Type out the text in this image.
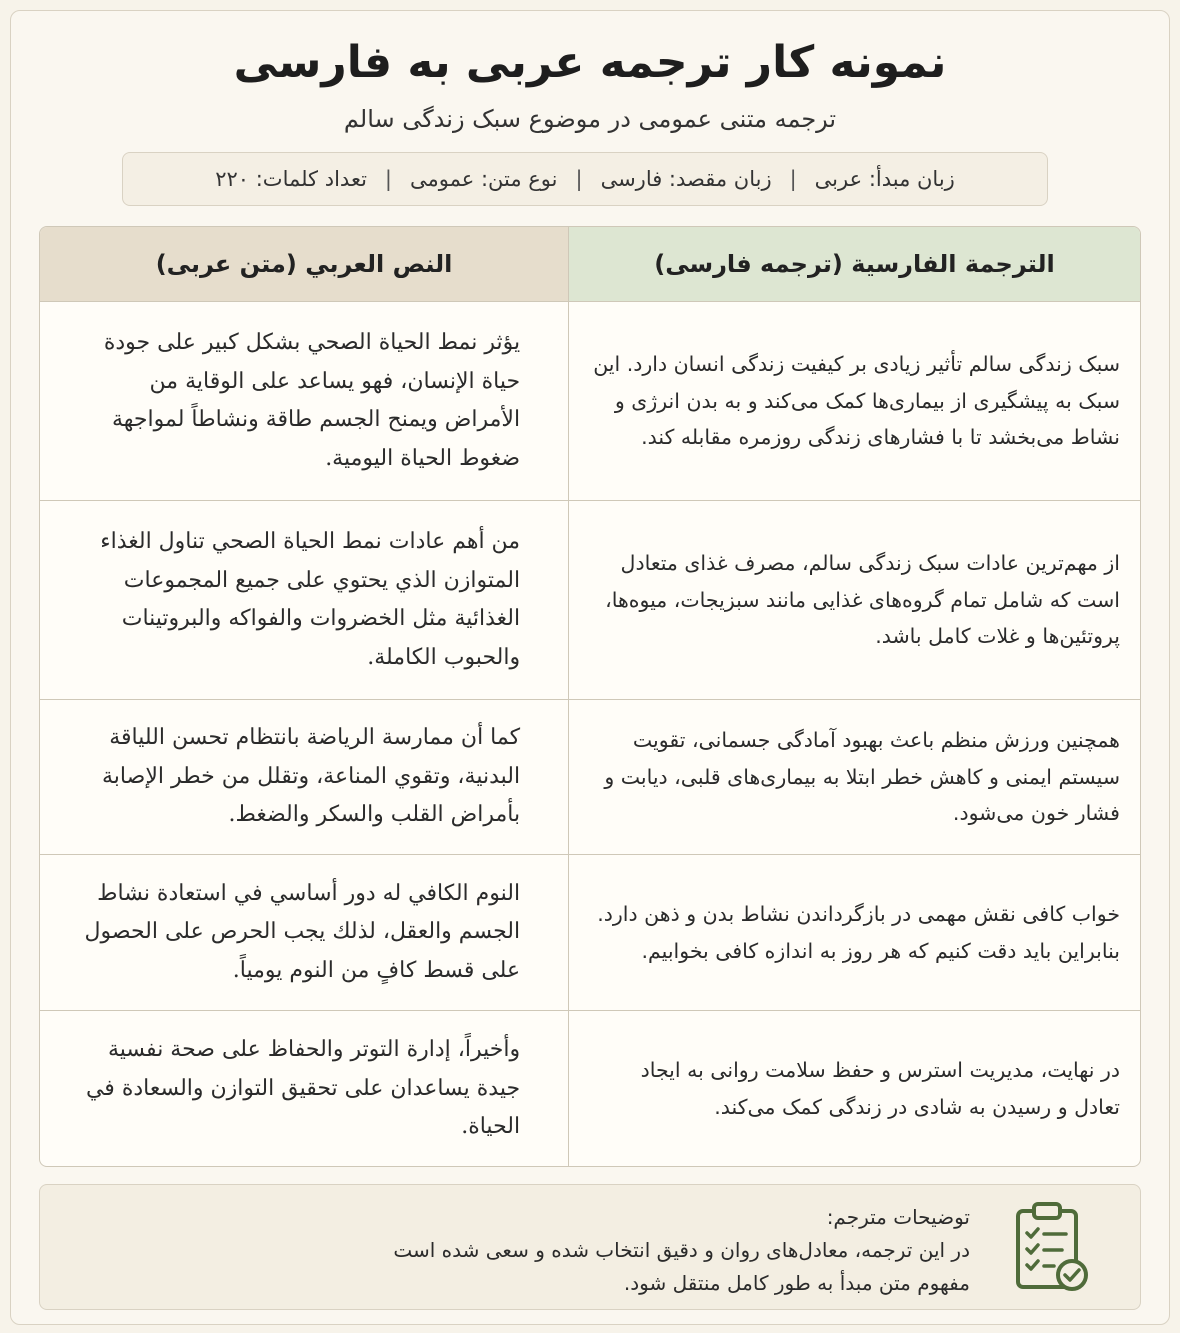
نمونه کار ترجمه عربی به فارسی
ترجمه متنی عمومی در موضوع سبک زندگی سالم
زبان مبدأ: عربی
|
زبان مقصد: فارسی
|
نوع متن: عمومی
|
تعداد کلمات: ۲۲۰
الترجمة الفارسية (ترجمه فارسی)
النص العربي (متن عربی)
سبک زندگی سالم تأثیر زیادی بر کیفیت زندگی انسان دارد. این سبک به پیشگیری از بیماری‌ها کمک می‌کند و به بدن انرژی و نشاط می‌بخشد تا با فشارهای زندگی روزمره مقابله کند.
يؤثر نمط الحياة الصحي بشكل كبير على جودة حياة الإنسان، فهو يساعد على الوقاية من الأمراض ويمنح الجسم طاقة ونشاطاً لمواجهة ضغوط الحياة اليومية.
از مهم‌ترین عادات سبک زندگی سالم، مصرف غذای متعادل است که شامل تمام گروه‌های غذایی مانند سبزیجات، میوه‌ها، پروتئین‌ها و غلات کامل باشد.
من أهم عادات نمط الحياة الصحي تناول الغذاء المتوازن الذي يحتوي على جميع المجموعات الغذائية مثل الخضروات والفواكه والبروتينات والحبوب الكاملة.
همچنین ورزش منظم باعث بهبود آمادگی جسمانی، تقویت سیستم ایمنی و کاهش خطر ابتلا به بیماری‌های قلبی، دیابت و فشار خون می‌شود.
كما أن ممارسة الرياضة بانتظام تحسن اللياقة البدنية، وتقوي المناعة، وتقلل من خطر الإصابة بأمراض القلب والسكر والضغط.
خواب کافی نقش مهمی در بازگرداندن نشاط بدن و ذهن دارد. بنابراین باید دقت کنیم که هر روز به اندازه کافی بخوابیم.
النوم الكافي له دور أساسي في استعادة نشاط الجسم والعقل، لذلك يجب الحرص على الحصول على قسط كافٍ من النوم يومياً.
در نهایت، مدیریت استرس و حفظ سلامت روانی به ایجاد تعادل و رسیدن به شادی در زندگی کمک می‌کند.
وأخيراً، إدارة التوتر والحفاظ على صحة نفسية جيدة يساعدان على تحقيق التوازن والسعادة في الحياة.
توضیحات مترجم:
در این ترجمه، معادل‌های روان و دقیق انتخاب شده و سعی شده است مفهوم متن مبدأ به طور کامل منتقل شود.
